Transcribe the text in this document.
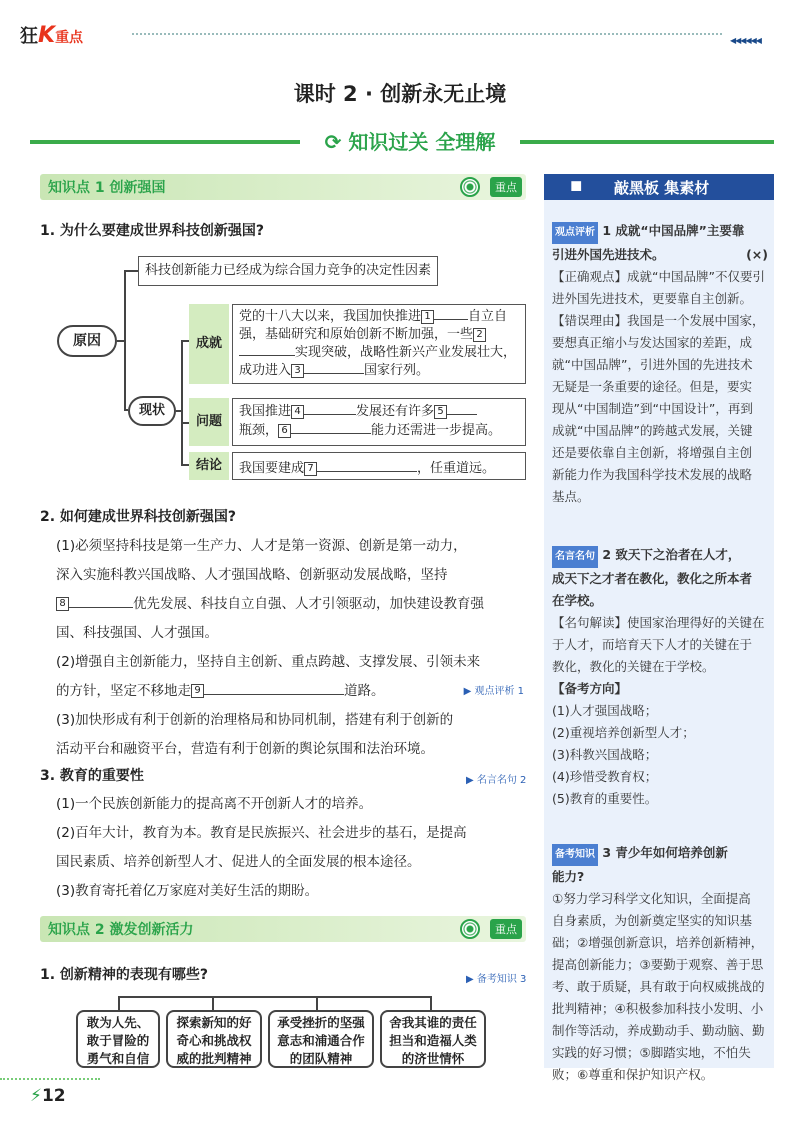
狂K重点	◀◀◀◀◀◀
课时 2 · 创新永无止境
⟳ 知识过关 全理解
知识点 1 创新强国	重点
1. 为什么要建成世界科技创新强国?
原因
科技创新能力已经成为综合国力竞争的决定性因素
现状
成就
党的十八大以来，我国加快推进 1	自立自强，基础研究和原始创新不断加强，一些 2实现突破，战略性新兴产业发展壮大，成功进入 3	国家行列。
问题
我国推进 4	发展还有许多 5
瓶颈， 6	能力还需进一步提高。
结论	我国要建成 7	，任重道远。
2. 如何建成世界科技创新强国?
(1)必须坚持科技是第一生产力、人才是第一资源、创新是第一动力，
深入实施科教兴国战略、人才强国战略、创新驱动发展战略，坚持
8	优先发展、科技自立自强、人才引领驱动，加快建设教育强
国、科技强国、人才强国。
(2)增强自主创新能力，坚持自主创新、重点跨越、支撑发展、引领未来
的方针，坚定不移地走 9	道路。	▶ 观点评析 1
(3)加快形成有利于创新的治理格局和协同机制，搭建有利于创新的
活动平台和融资平台，营造有利于创新的舆论氛围和法治环境。
3. 教育的重要性	▶ 名言名句 2
(1)一个民族创新能力的提高离不开创新人才的培养。
(2)百年大计，教育为本。教育是民族振兴、社会进步的基石，是提高
国民素质、培养创新型人才、促进人的全面发展的根本途径。
(3)教育寄托着亿万家庭对美好生活的期盼。
知识点 2 激发创新活力	重点
1. 创新精神的表现有哪些?	▶ 备考知识 3
敢为人先、
敢于冒险的
勇气和自信
探索新知的好
奇心和挑战权
威的批判精神
承受挫折的坚强
意志和浦通合作
的团队精神
舍我其谁的责任
担当和造福人类
的济世情怀
◼ 敲黑板 集素材
观点评析 1 成就“中国品牌”主要靠
引进外国先进技术。	(×)
【正确观点】成就“中国品牌”不仅要引
进外国先进技术，更要靠自主创新。
【错误理由】我国是一个发展中国家，
要想真正缩小与发达国家的差距，成
就“中国品牌”，引进外国的先进技术
无疑是一条重要的途径。但是，要实
现从“中国制造”到“中国设计”，再到
成就“中国品牌”的跨越式发展，关键
还是要依靠自主创新，将增强自主创
新能力作为我国科学技术发展的战略
基点。
名言名句 2 致天下之治者在人才，
成天下之才者在教化，教化之所本者
在学校。
【名句解读】使国家治理得好的关键在
于人才，而培育天下人才的关键在于
教化，教化的关键在于学校。
【备考方向】
(1)人才强国战略；
(2)重视培养创新型人才；
(3)科教兴国战略；
(4)珍惜受教育权；
(5)教育的重要性。
备考知识 3 青少年如何培养创新
能力?
①努力学习科学文化知识，全面提高
自身素质，为创新奠定坚实的知识基
础；②增强创新意识，培养创新精神，
提高创新能力；③要勤于观察、善于思
考、敢于质疑，具有敢于向权威挑战的
批判精神；④积极参加科技小发明、小
制作等活动，养成勤动手、勤动脑、勤
实践的好习惯；⑤脚踏实地，不怕失
败；⑥尊重和保护知识产权。
⚡12
